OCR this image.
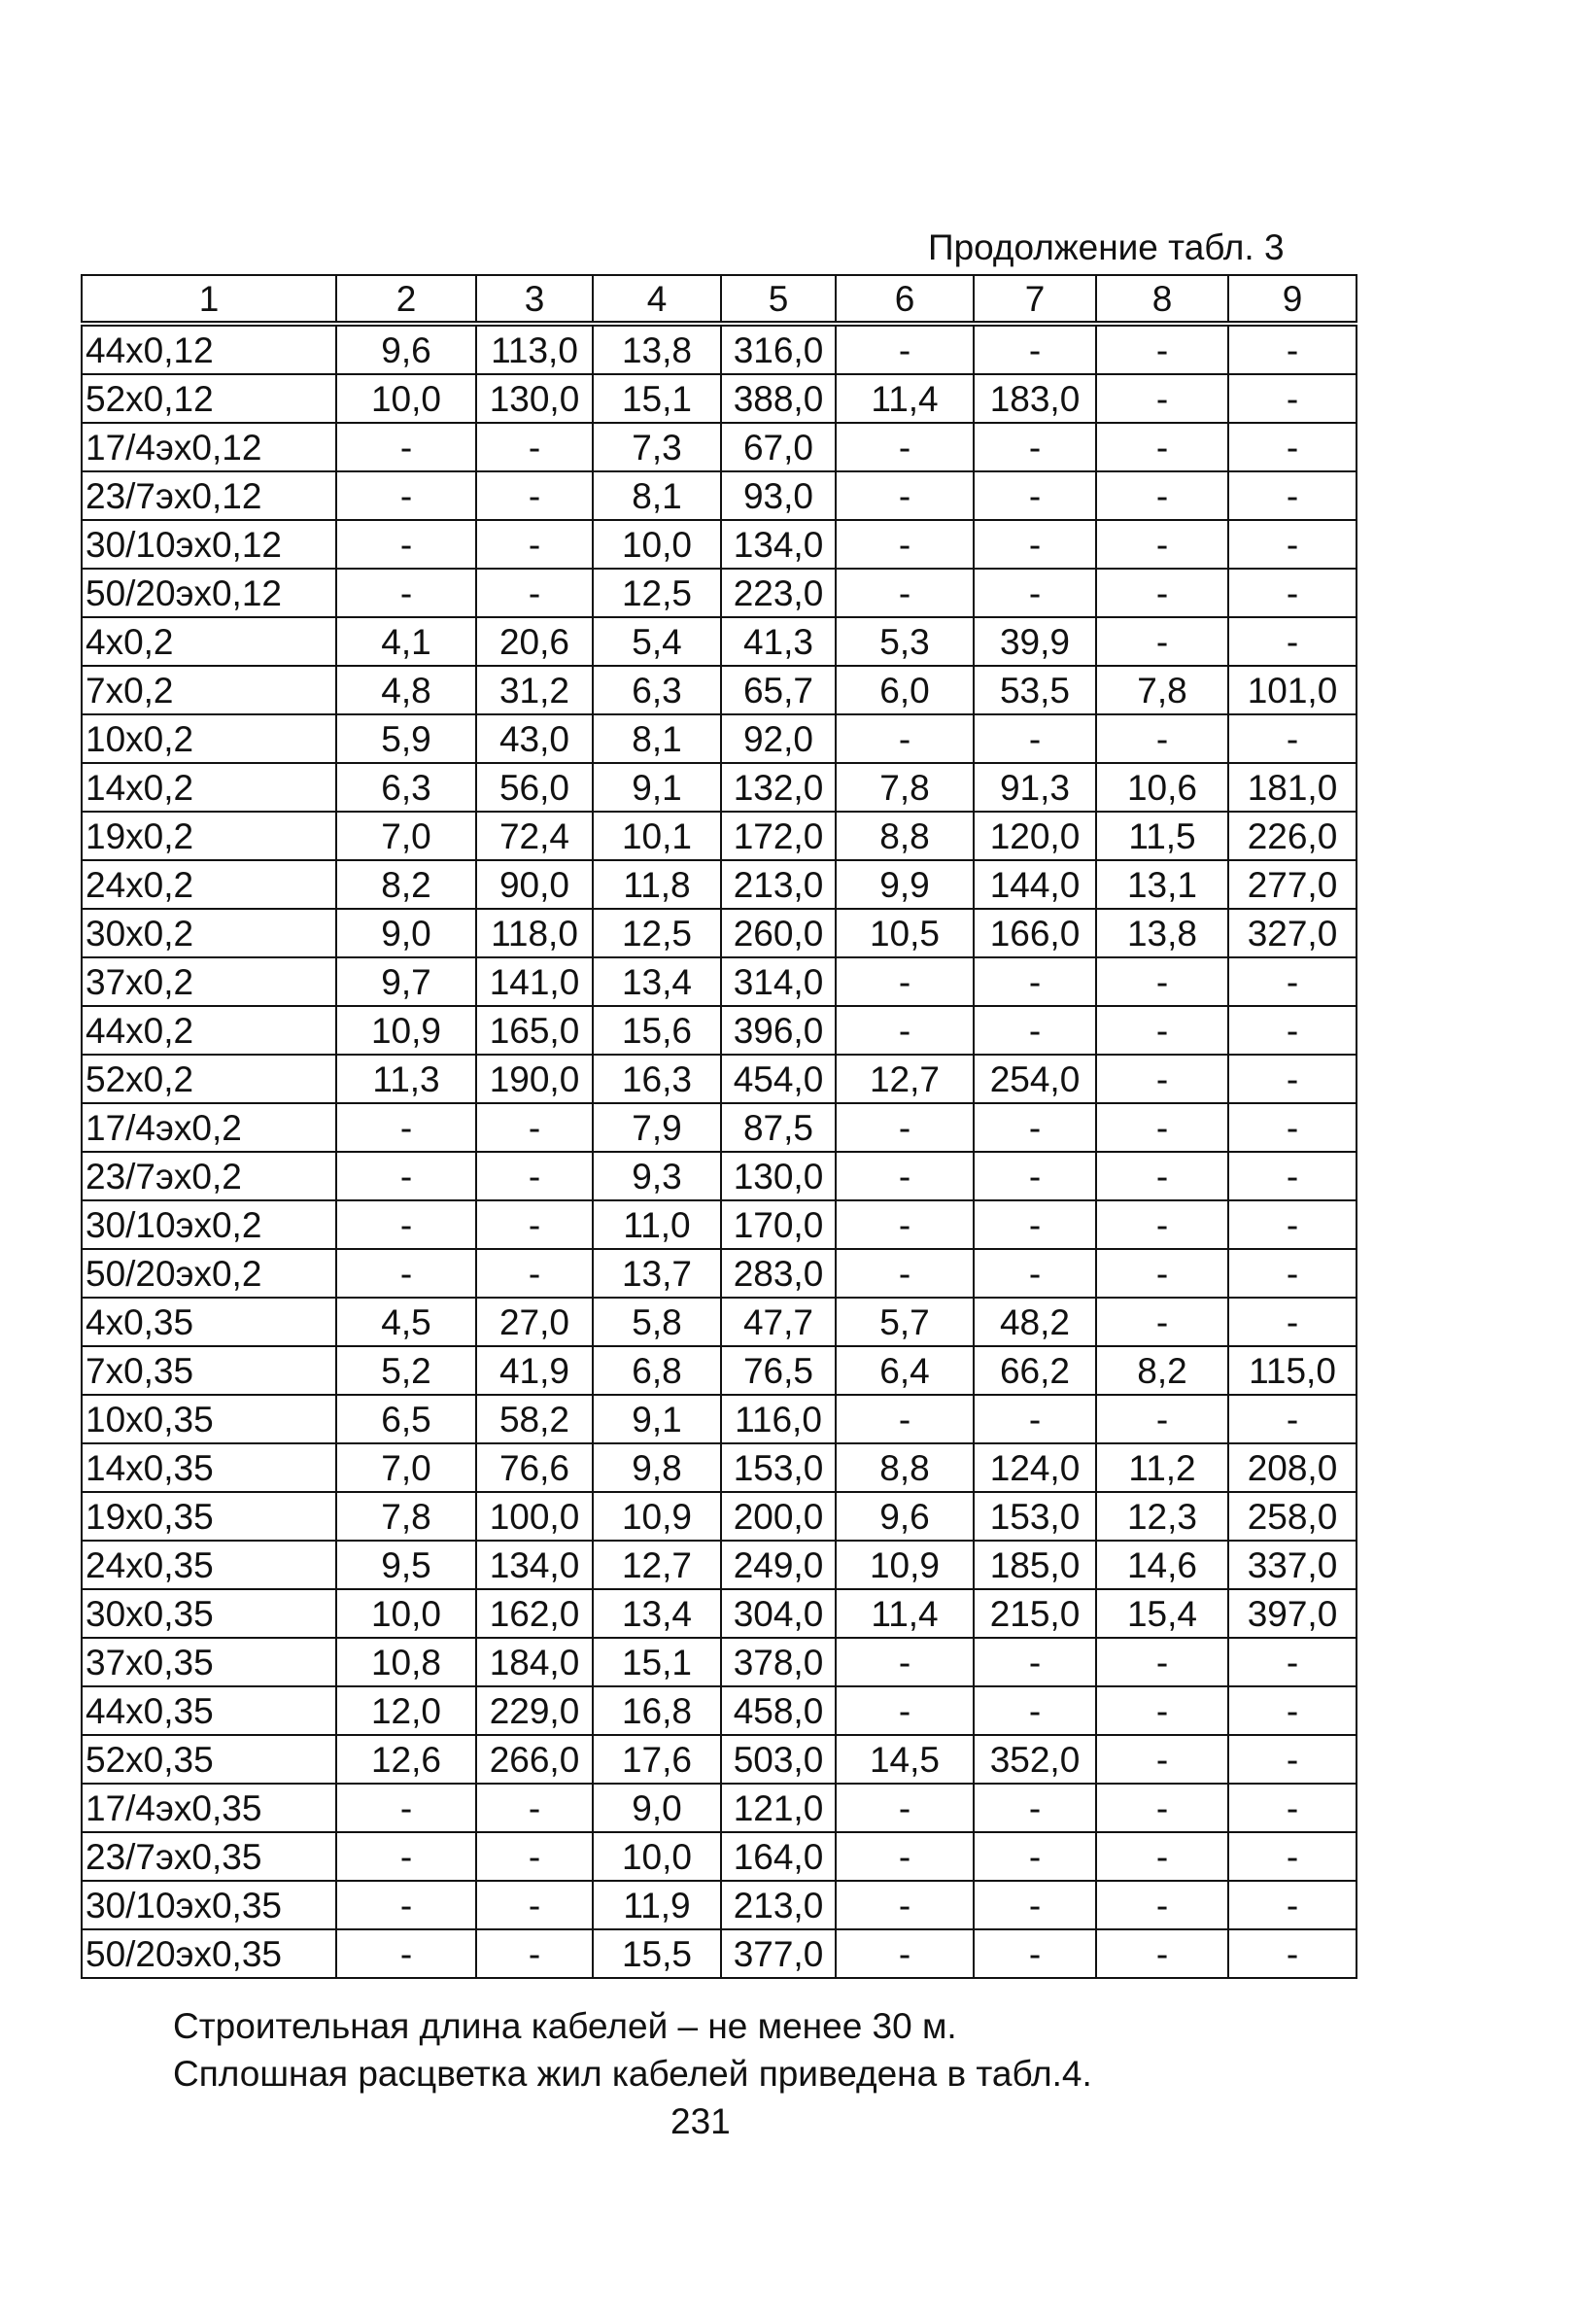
Продолжение табл. 3
1	2	3	4	5	6	7	8	9
44x0,12	9,6	113,0	13,8	316,0	-	-	-	-
52x0,12	10,0	130,0	15,1	388,0	11,4	183,0	-	-
17/4эx0,12	-	-	7,3	67,0	-	-	-	-
23/7эx0,12	-	-	8,1	93,0	-	-	-	-
30/10эx0,12	-	-	10,0	134,0	-	-	-	-
50/20эx0,12	-	-	12,5	223,0	-	-	-	-
4x0,2	4,1	20,6	5,4	41,3	5,3	39,9	-	-
7x0,2	4,8	31,2	6,3	65,7	6,0	53,5	7,8	101,0
10x0,2	5,9	43,0	8,1	92,0	-	-	-	-
14x0,2	6,3	56,0	9,1	132,0	7,8	91,3	10,6	181,0
19x0,2	7,0	72,4	10,1	172,0	8,8	120,0	11,5	226,0
24x0,2	8,2	90,0	11,8	213,0	9,9	144,0	13,1	277,0
30x0,2	9,0	118,0	12,5	260,0	10,5	166,0	13,8	327,0
37x0,2	9,7	141,0	13,4	314,0	-	-	-	-
44x0,2	10,9	165,0	15,6	396,0	-	-	-	-
52x0,2	11,3	190,0	16,3	454,0	12,7	254,0	-	-
17/4эx0,2	-	-	7,9	87,5	-	-	-	-
23/7эx0,2	-	-	9,3	130,0	-	-	-	-
30/10эx0,2	-	-	11,0	170,0	-	-	-	-
50/20эx0,2	-	-	13,7	283,0	-	-	-	-
4x0,35	4,5	27,0	5,8	47,7	5,7	48,2	-	-
7x0,35	5,2	41,9	6,8	76,5	6,4	66,2	8,2	115,0
10x0,35	6,5	58,2	9,1	116,0	-	-	-	-
14x0,35	7,0	76,6	9,8	153,0	8,8	124,0	11,2	208,0
19x0,35	7,8	100,0	10,9	200,0	9,6	153,0	12,3	258,0
24x0,35	9,5	134,0	12,7	249,0	10,9	185,0	14,6	337,0
30x0,35	10,0	162,0	13,4	304,0	11,4	215,0	15,4	397,0
37x0,35	10,8	184,0	15,1	378,0	-	-	-	-
44x0,35	12,0	229,0	16,8	458,0	-	-	-	-
52x0,35	12,6	266,0	17,6	503,0	14,5	352,0	-	-
17/4эx0,35	-	-	9,0	121,0	-	-	-	-
23/7эx0,35	-	-	10,0	164,0	-	-	-	-
30/10эx0,35	-	-	11,9	213,0	-	-	-	-
50/20эx0,35	-	-	15,5	377,0	-	-	-	-
Строительная длина кабелей – не менее 30 м.
Сплошная расцветка жил кабелей приведена в табл.4.
231
